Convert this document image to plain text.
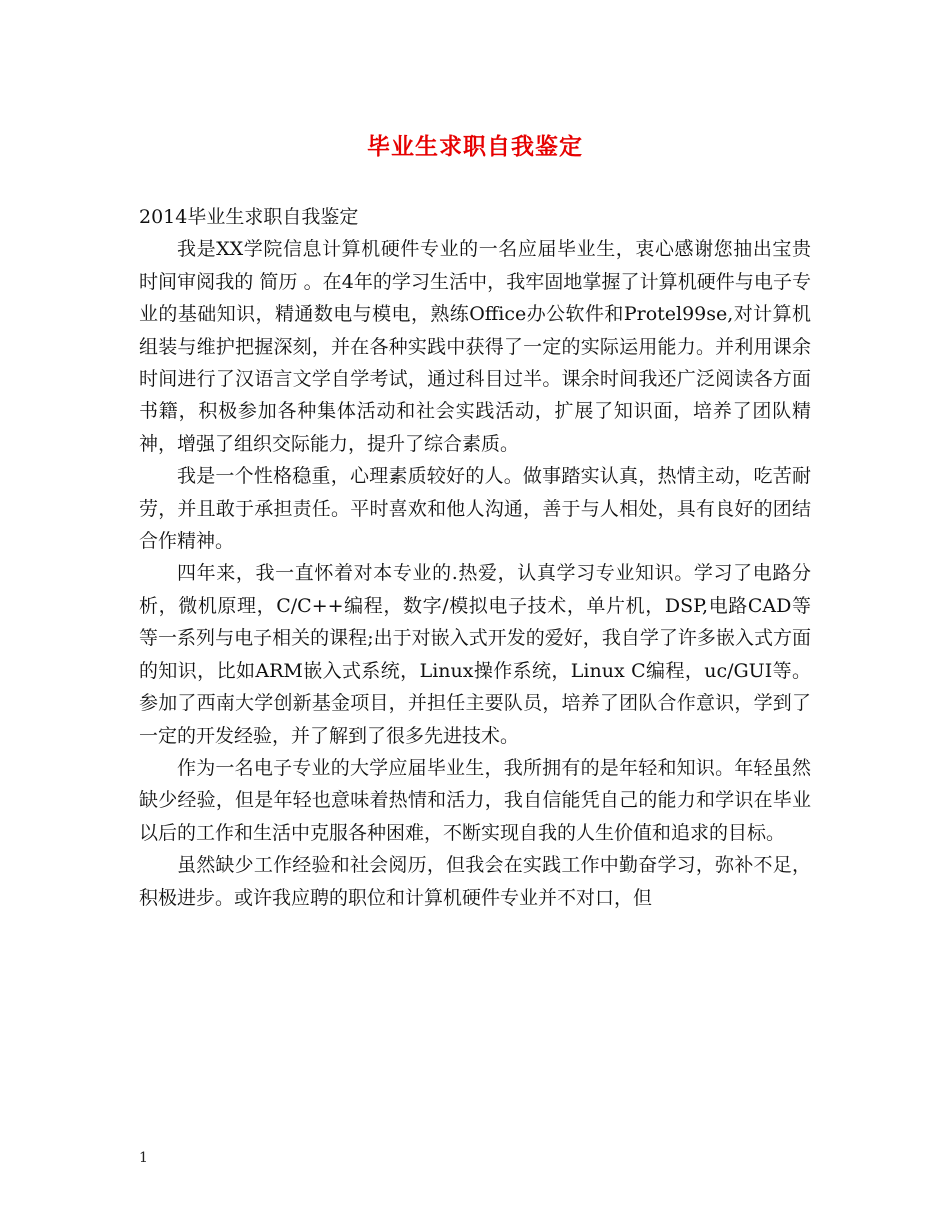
毕业生求职自我鉴定

2014毕业生求职自我鉴定

我是XX学院信息计算机硬件专业的一名应届毕业生，衷心感谢您抽出宝贵时间审阅我的 简历 。在4年的学习生活中，我牢固地掌握了计算机硬件与电子专业的基础知识，精通数电与模电，熟练Office办公软件和Protel99se,对计算机组装与维护把握深刻，并在各种实践中获得了一定的实际运用能力。并利用课余时间进行了汉语言文学自学考试，通过科目过半。课余时间我还广泛阅读各方面书籍，积极参加各种集体活动和社会实践活动，扩展了知识面，培养了团队精神，增强了组织交际能力，提升了综合素质。

我是一个性格稳重，心理素质较好的人。做事踏实认真，热情主动，吃苦耐劳，并且敢于承担责任。平时喜欢和他人沟通，善于与人相处，具有良好的团结合作精神。

四年来，我一直怀着对本专业的.热爱，认真学习专业知识。学习了电路分析，微机原理，C/C++编程，数字/模拟电子技术，单片机，DSP,电路CAD等等一系列与电子相关的课程;出于对嵌入式开发的爱好，我自学了许多嵌入式方面的知识，比如ARM嵌入式系统，Linux操作系统，Linux C编程，uc/GUI等。参加了西南大学创新基金项目，并担任主要队员，培养了团队合作意识，学到了一定的开发经验，并了解到了很多先进技术。

作为一名电子专业的大学应届毕业生，我所拥有的是年轻和知识。年轻虽然缺少经验，但是年轻也意味着热情和活力，我自信能凭自己的能力和学识在毕业以后的工作和生活中克服各种困难，不断实现自我的人生价值和追求的目标。

虽然缺少工作经验和社会阅历，但我会在实践工作中勤奋学习，弥补不足，积极进步。或许我应聘的职位和计算机硬件专业并不对口，但

1
